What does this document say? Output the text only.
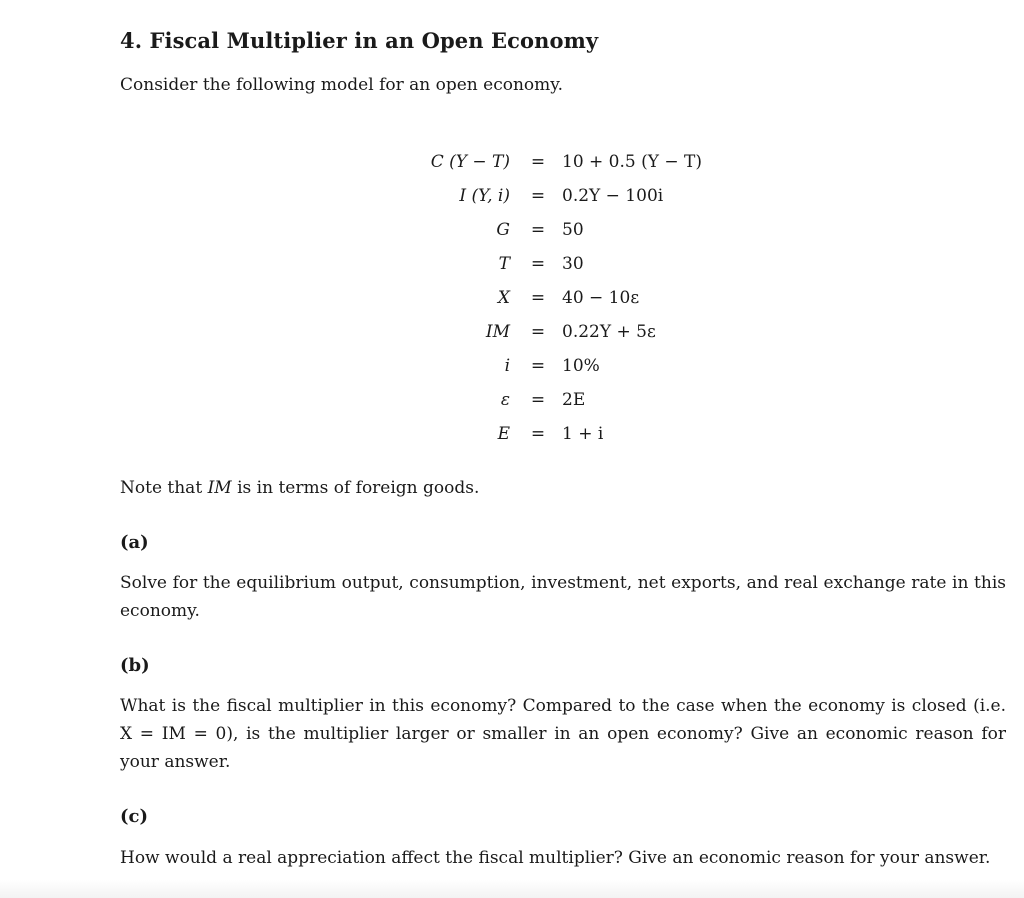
4. Fiscal Multiplier in an Open Economy
Consider the following model for an open economy.
C (Y − T) = 10 + 0.5 (Y − T)
I (Y, i) = 0.2Y − 100i
G = 50
T = 30
X = 40 − 10ε
IM = 0.22Y + 5ε
i = 10%
ε = 2E
E = 1 + i
Note that IM is in terms of foreign goods.
(a)
Solve for the equilibrium output, consumption, investment, net exports, and real exchange rate in this economy.
(b)
What is the fiscal multiplier in this economy? Compared to the case when the economy is closed (i.e. X = IM = 0), is the multiplier larger or smaller in an open economy? Give an economic reason for your answer.
(c)
How would a real appreciation affect the fiscal multiplier? Give an economic reason for your answer.
